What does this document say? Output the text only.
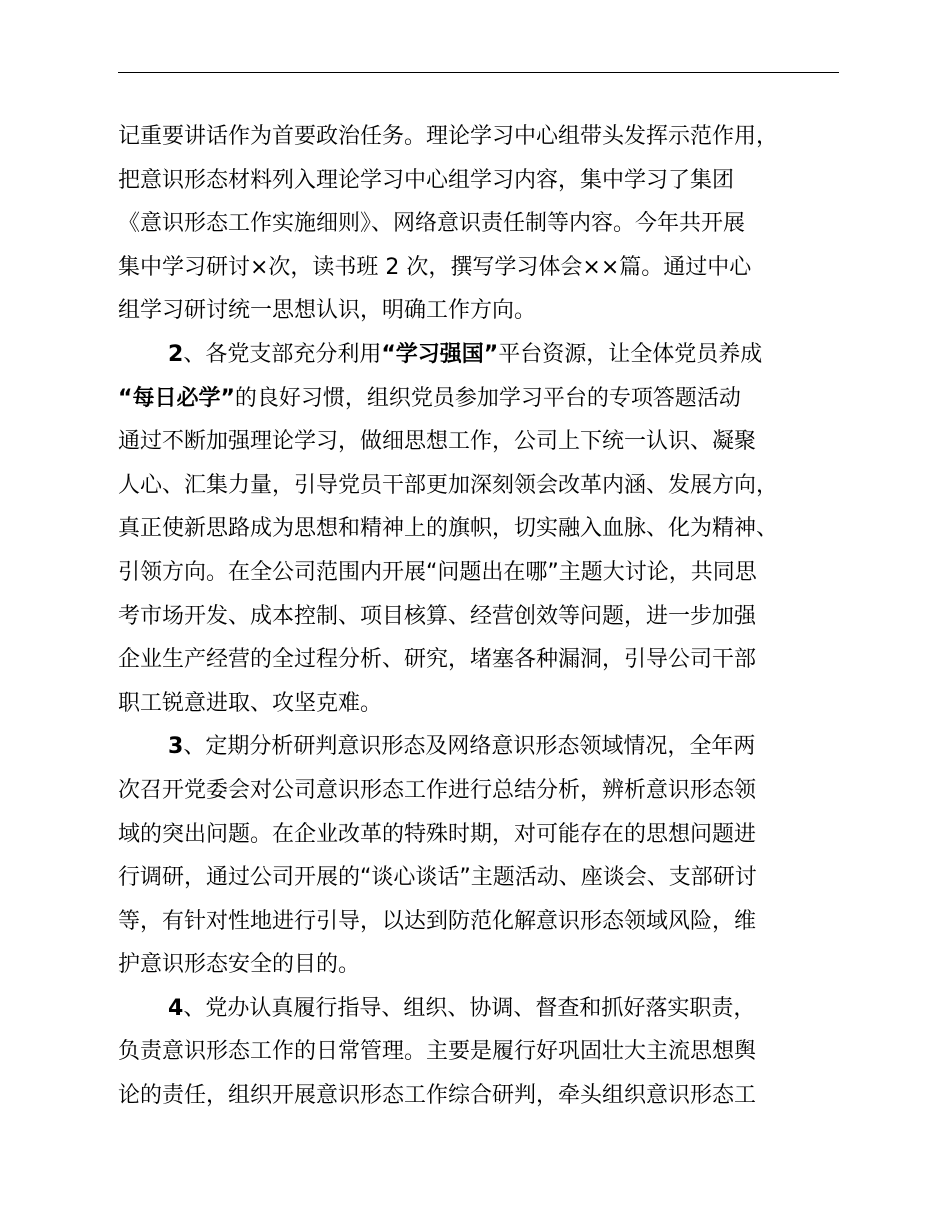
记重要讲话作为首要政治任务。理论学习中心组带头发挥示范作用，
把意识形态材料列入理论学习中心组学习内容，集中学习了集团
《意识形态工作实施细则》、网络意识责任制等内容。今年共开展
集中学习研讨×次，读书班 2 次，撰写学习体会××篇。通过中心
组学习研讨统一思想认识，明确工作方向。
2、各党支部充分利用“学习强国”平台资源，让全体党员养成
“每日必学”的良好习惯，组织党员参加学习平台的专项答题活动
通过不断加强理论学习，做细思想工作，公司上下统一认识、凝聚
人心、汇集力量，引导党员干部更加深刻领会改革内涵、发展方向，
真正使新思路成为思想和精神上的旗帜，切实融入血脉、化为精神、
引领方向。在全公司范围内开展“问题出在哪”主题大讨论，共同思
考市场开发、成本控制、项目核算、经营创效等问题，进一步加强
企业生产经营的全过程分析、研究，堵塞各种漏洞，引导公司干部
职工锐意进取、攻坚克难。
3、定期分析研判意识形态及网络意识形态领域情况，全年两
次召开党委会对公司意识形态工作进行总结分析，辨析意识形态领
域的突出问题。在企业改革的特殊时期，对可能存在的思想问题进
行调研，通过公司开展的“谈心谈话”主题活动、座谈会、支部研讨
等，有针对性地进行引导，以达到防范化解意识形态领域风险，维
护意识形态安全的目的。
4、党办认真履行指导、组织、协调、督查和抓好落实职责，
负责意识形态工作的日常管理。主要是履行好巩固壮大主流思想舆
论的责任，组织开展意识形态工作综合研判，牵头组织意识形态工
